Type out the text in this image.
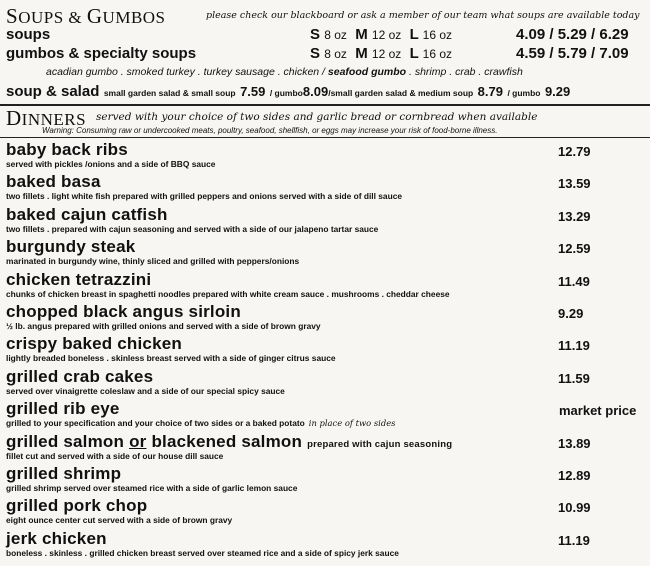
SOUPS & GUMBOS	please check our blackboard or ask a member of our team what soups are available today
soups	S 8 oz M 12 oz L 16 oz	4.09 / 5.29 / 6.29
gumbos & specialty soups	S 8 oz M 12 oz L 16 oz	4.59 / 5.79 / 7.09
acadian gumbo . smoked turkey . turkey sausage . chicken / seafood gumbo . shrimp . crab . crawfish
soup & salad small garden salad & small soup 7.59 / gumbo8.09/small garden salad & medium soup 8.79 / gumbo 9.29
DINNERS served with your choice of two sides and garlic bread or cornbread when available
Warning: Consuming raw or undercooked meats, poultry, seafood, shellfish, or eggs may increase your risk of food-borne illness.
baby back ribs
served with pickles /onions and a side of BBQ sauce
12.79
baked basa
two fillets . light white fish prepared with grilled peppers and onions served with a side of dill sauce
13.59
baked cajun catfish
two fillets . prepared with cajun seasoning and served with a side of our jalapeno tartar sauce
13.29
burgundy steak
marinated in burgundy wine, thinly sliced and grilled with peppers/onions
12.59
chicken tetrazzini
chunks of chicken breast in spaghetti noodles prepared with white cream sauce . mushrooms . cheddar cheese
11.49
chopped black angus sirloin
½ lb. angus prepared with grilled onions and served with a side of brown gravy
9.29
crispy baked chicken
lightly breaded boneless . skinless breast served with a side of ginger citrus sauce
11.19
grilled crab cakes
served over vinaigrette coleslaw and a side of our special spicy sauce
11.59
grilled rib eye
grilled to your specification and your choice of two sides or a baked potato in place of two sides
market price
grilled salmon or blackened salmon prepared with cajun seasoning
fillet cut and served with a side of our house dill sauce
13.89
grilled shrimp
grilled shrimp served over steamed rice with a side of garlic lemon sauce
12.89
grilled pork chop
eight ounce center cut served with a side of brown gravy
10.99
jerk chicken
boneless . skinless . grilled chicken breast served over steamed rice and a side of spicy jerk sauce
11.19
